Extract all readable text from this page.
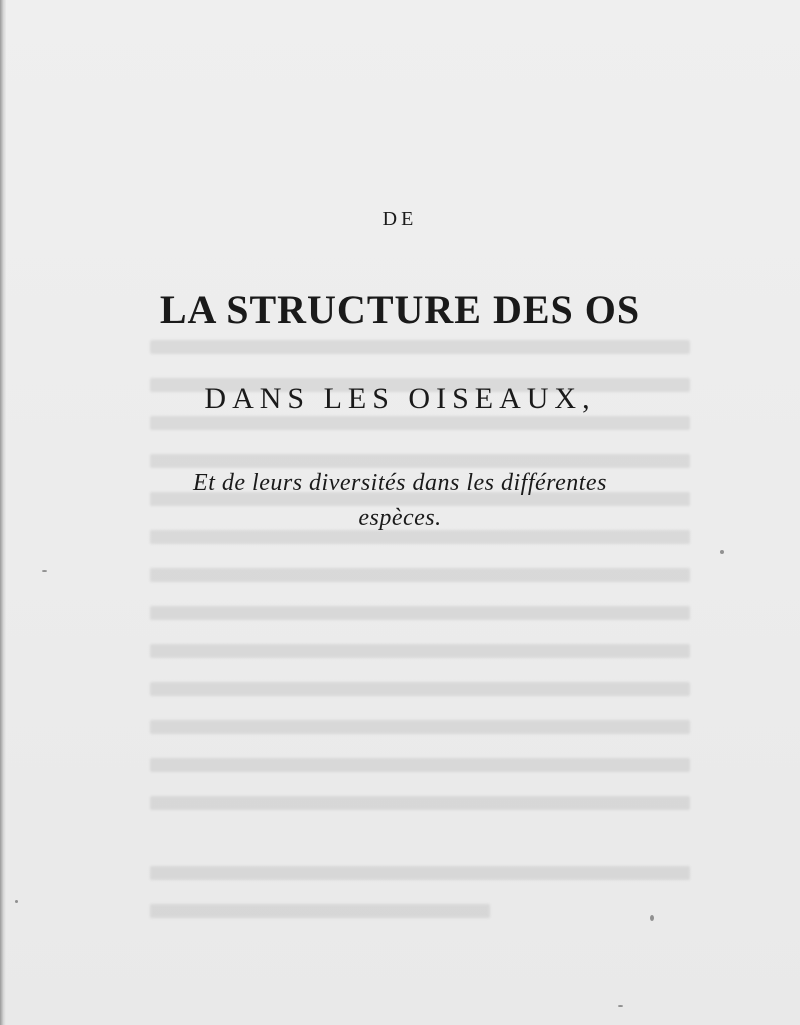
DE
LA STRUCTURE DES OS
DANS LES OISEAUX,
Et de leurs diversités dans les différentes
espèces.
